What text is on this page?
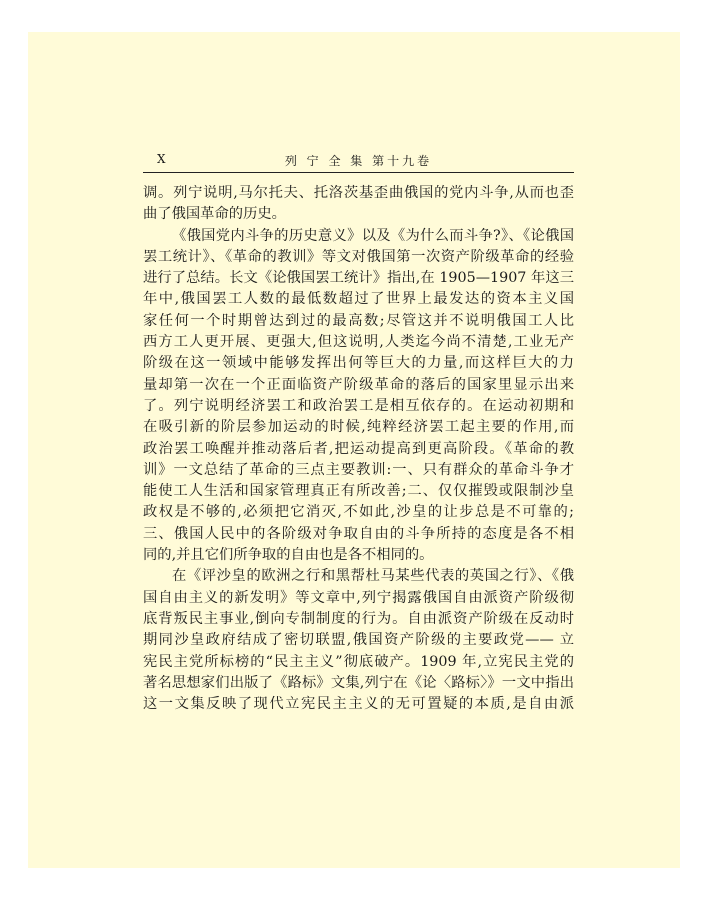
X	列 宁 全 集 第十九卷
调。列宁说明,马尔托夫、托洛茨基歪曲俄国的党内斗争,从而也歪
曲了俄国革命的历史。
《俄国党内斗争的历史意义》以及《为什么而斗争?》、《论俄国
罢工统计》、《革命的教训》等文对俄国第一次资产阶级革命的经验
进行了总结。长文《论俄国罢工统计》指出,在 1905—1907 年这三
年中,俄国罢工人数的最低数超过了世界上最发达的资本主义国
家任何一个时期曾达到过的最高数;尽管这并不说明俄国工人比
西方工人更开展、更强大,但这说明,人类迄今尚不清楚,工业无产
阶级在这一领域中能够发挥出何等巨大的力量,而这样巨大的力
量却第一次在一个正面临资产阶级革命的落后的国家里显示出来
了。列宁说明经济罢工和政治罢工是相互依存的。在运动初期和
在吸引新的阶层参加运动的时候,纯粹经济罢工起主要的作用,而
政治罢工唤醒并推动落后者,把运动提高到更高阶段。《革命的教
训》一文总结了革命的三点主要教训:一、只有群众的革命斗争才
能使工人生活和国家管理真正有所改善;二、仅仅摧毁或限制沙皇
政权是不够的,必须把它消灭,不如此,沙皇的让步总是不可靠的;
三、俄国人民中的各阶级对争取自由的斗争所持的态度是各不相
同的,并且它们所争取的自由也是各不相同的。
在《评沙皇的欧洲之行和黑帮杜马某些代表的英国之行》、《俄
国自由主义的新发明》等文章中,列宁揭露俄国自由派资产阶级彻
底背叛民主事业,倒向专制制度的行为。自由派资产阶级在反动时
期同沙皇政府结成了密切联盟,俄国资产阶级的主要政党—— 立
宪民主党所标榜的“民主主义”彻底破产。1909 年,立宪民主党的
著名思想家们出版了《路标》文集,列宁在《论〈路标〉》一文中指出
这一文集反映了现代立宪民主主义的无可置疑的本质,是自由派
